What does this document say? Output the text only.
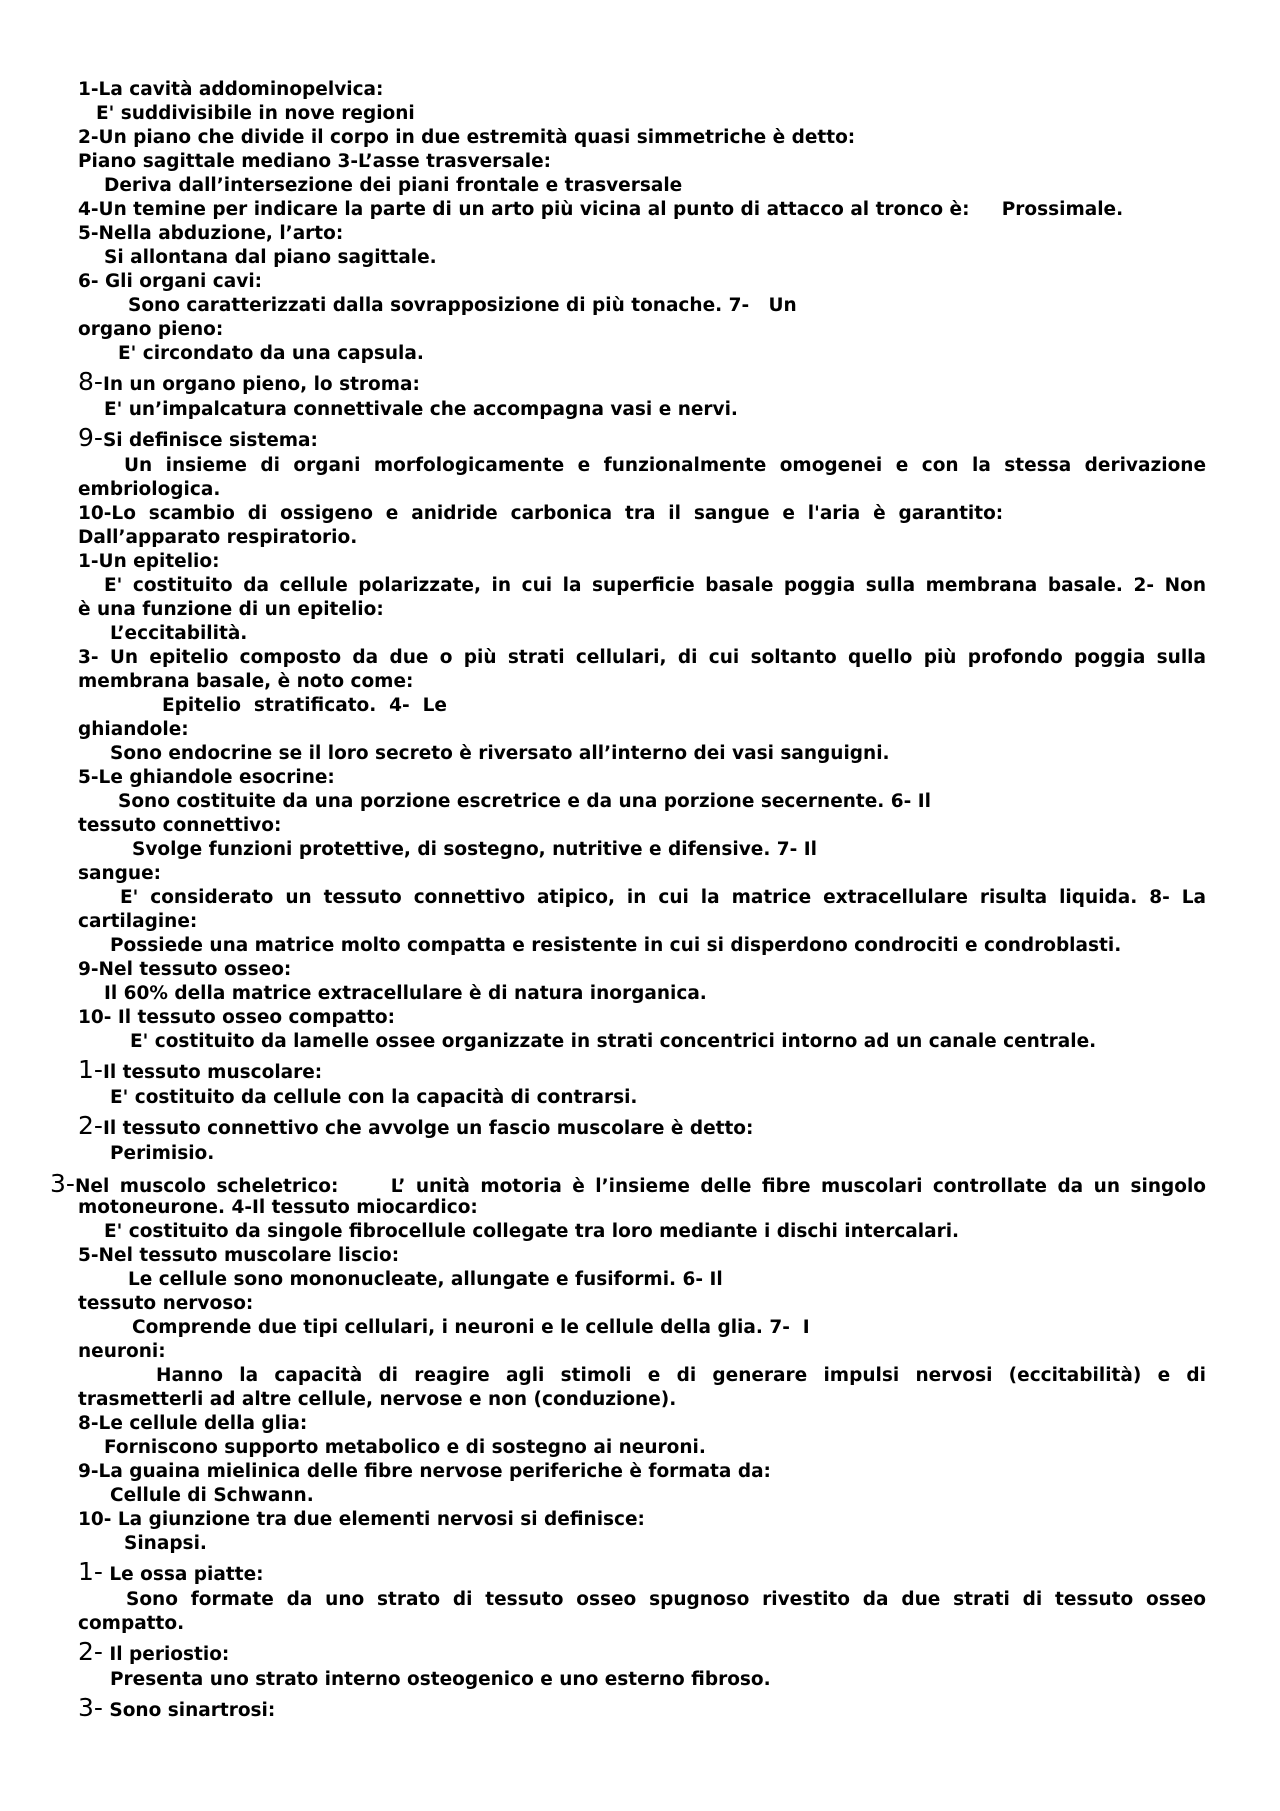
1-La cavità addominopelvica:
E' suddivisibile in nove regioni
2-Un piano che divide il corpo in due estremità quasi simmetriche è detto:
Piano sagittale mediano 3-L’asse trasversale:
Deriva dall’intersezione dei piani frontale e trasversale
4-Un temine per indicare la parte di un arto più vicina al punto di attacco al tronco è:     Prossimale.
5-Nella abduzione, l’arto:
Si allontana dal piano sagittale.
6- Gli organi cavi:
Sono caratterizzati dalla sovrapposizione di più tonache. 7-   Un
organo pieno:
E' circondato da una capsula.
8-In un organo pieno, lo stroma:
E' un’impalcatura connettivale che accompagna vasi e nervi.
9-Si definisce sistema:
Un insieme di organi morfologicamente e funzionalmente omogenei e con la stessa derivazione
embriologica.
10-Lo  scambio  di  ossigeno  e  anidride  carbonica  tra  il  sangue  e  l'aria  è  garantito:
Dall’apparato respiratorio.
1-Un epitelio:
E' costituito da cellule polarizzate, in cui la superficie basale poggia sulla membrana basale. 2- Non
è una funzione di un epitelio:
L’eccitabilità.
3- Un epitelio composto da due o più strati cellulari, di cui soltanto quello più profondo poggia sulla
membrana basale, è noto come:
Epitelio  stratificato.  4-  Le
ghiandole:
Sono endocrine se il loro secreto è riversato all’interno dei vasi sanguigni.
5-Le ghiandole esocrine:
Sono costituite da una porzione escretrice e da una porzione secernente. 6- Il
tessuto connettivo:
Svolge funzioni protettive, di sostegno, nutritive e difensive. 7- Il
sangue:
E' considerato un tessuto connettivo atipico, in cui la matrice extracellulare risulta liquida. 8- La
cartilagine:
Possiede una matrice molto compatta e resistente in cui si disperdono condrociti e condroblasti.
9-Nel tessuto osseo:
Il 60% della matrice extracellulare è di natura inorganica.
10- Il tessuto osseo compatto:
E' costituito da lamelle ossee organizzate in strati concentrici intorno ad un canale centrale.
1-Il tessuto muscolare:
E' costituito da cellule con la capacità di contrarsi.
2-Il tessuto connettivo che avvolge un fascio muscolare è detto:
Perimisio.
3-Nel muscolo scheletrico:     L’ unità motoria è l’insieme delle fibre muscolari controllate da un singolo
motoneurone. 4-Il tessuto miocardico:
E' costituito da singole fibrocellule collegate tra loro mediante i dischi intercalari.
5-Nel tessuto muscolare liscio:
Le cellule sono mononucleate, allungate e fusiformi. 6- Il
tessuto nervoso:
Comprende due tipi cellulari, i neuroni e le cellule della glia. 7-  I
neuroni:
Hanno la capacità di reagire agli stimoli e di generare impulsi nervosi (eccitabilità) e di
trasmetterli ad altre cellule, nervose e non (conduzione).
8-Le cellule della glia:
Forniscono supporto metabolico e di sostegno ai neuroni.
9-La guaina mielinica delle fibre nervose periferiche è formata da:
Cellule di Schwann.
10- La giunzione tra due elementi nervosi si definisce:
Sinapsi.
1- Le ossa piatte:
Sono formate da uno strato di tessuto osseo spugnoso rivestito da due strati di tessuto osseo
compatto.
2- Il periostio:
Presenta uno strato interno osteogenico e uno esterno fibroso.
3- Sono sinartrosi:
